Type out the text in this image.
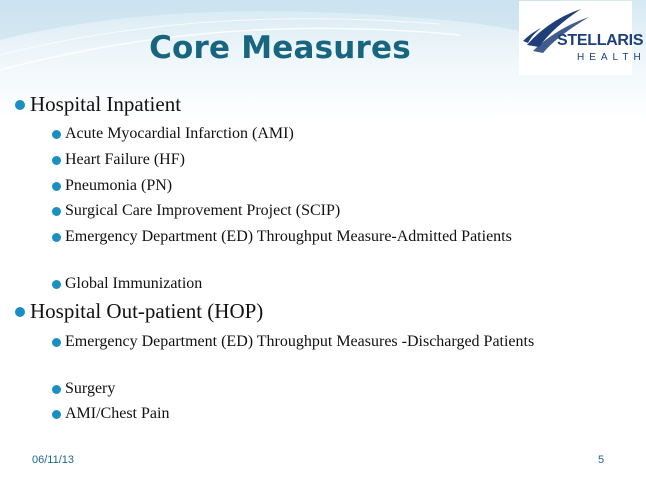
Core Measures	STELLARIS
HEALTH
Hospital Inpatient
Acute Myocardial Infarction (AMI)
Heart Failure (HF)
Pneumonia (PN)
Surgical Care Improvement Project (SCIP)
Emergency Department (ED) Throughput Measure-Admitted Patients
Global Immunization
Hospital Out-patient (HOP)
Emergency Department (ED) Throughput Measures -Discharged Patients
Surgery
AMI/Chest Pain
06/11/13	5
